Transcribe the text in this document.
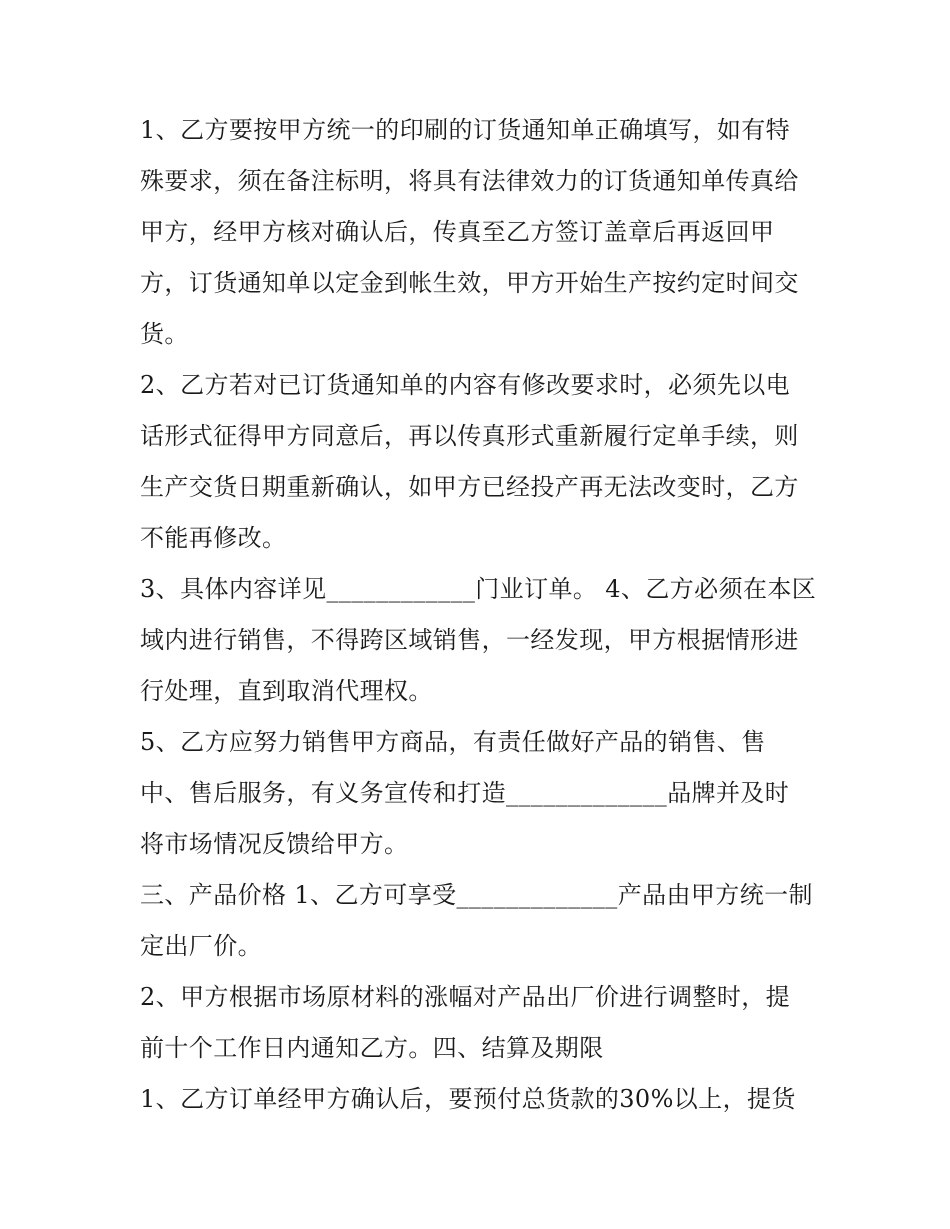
1、乙方要按甲方统一的印刷的订货通知单正确填写，如有特
殊要求，须在备注标明，将具有法律效力的订货通知单传真给
甲方，经甲方核对确认后，传真至乙方签订盖章后再返回甲
方，订货通知单以定金到帐生效，甲方开始生产按约定时间交
货。
2、乙方若对已订货通知单的内容有修改要求时，必须先以电
话形式征得甲方同意后，再以传真形式重新履行定单手续，则
生产交货日期重新确认，如甲方已经投产再无法改变时，乙方
不能再修改。
3、具体内容详见____________门业订单。 4、乙方必须在本区
域内进行销售，不得跨区域销售，一经发现，甲方根据情形进
行处理，直到取消代理权。
5、乙方应努力销售甲方商品，有责任做好产品的销售、售
中、售后服务，有义务宣传和打造_____________品牌并及时
将市场情况反馈给甲方。
三、产品价格 1、乙方可享受_____________产品由甲方统一制
定出厂价。
2、甲方根据市场原材料的涨幅对产品出厂价进行调整时，提
前十个工作日内通知乙方。四、结算及期限
1、乙方订单经甲方确认后，要预付总货款的30%以上，提货
